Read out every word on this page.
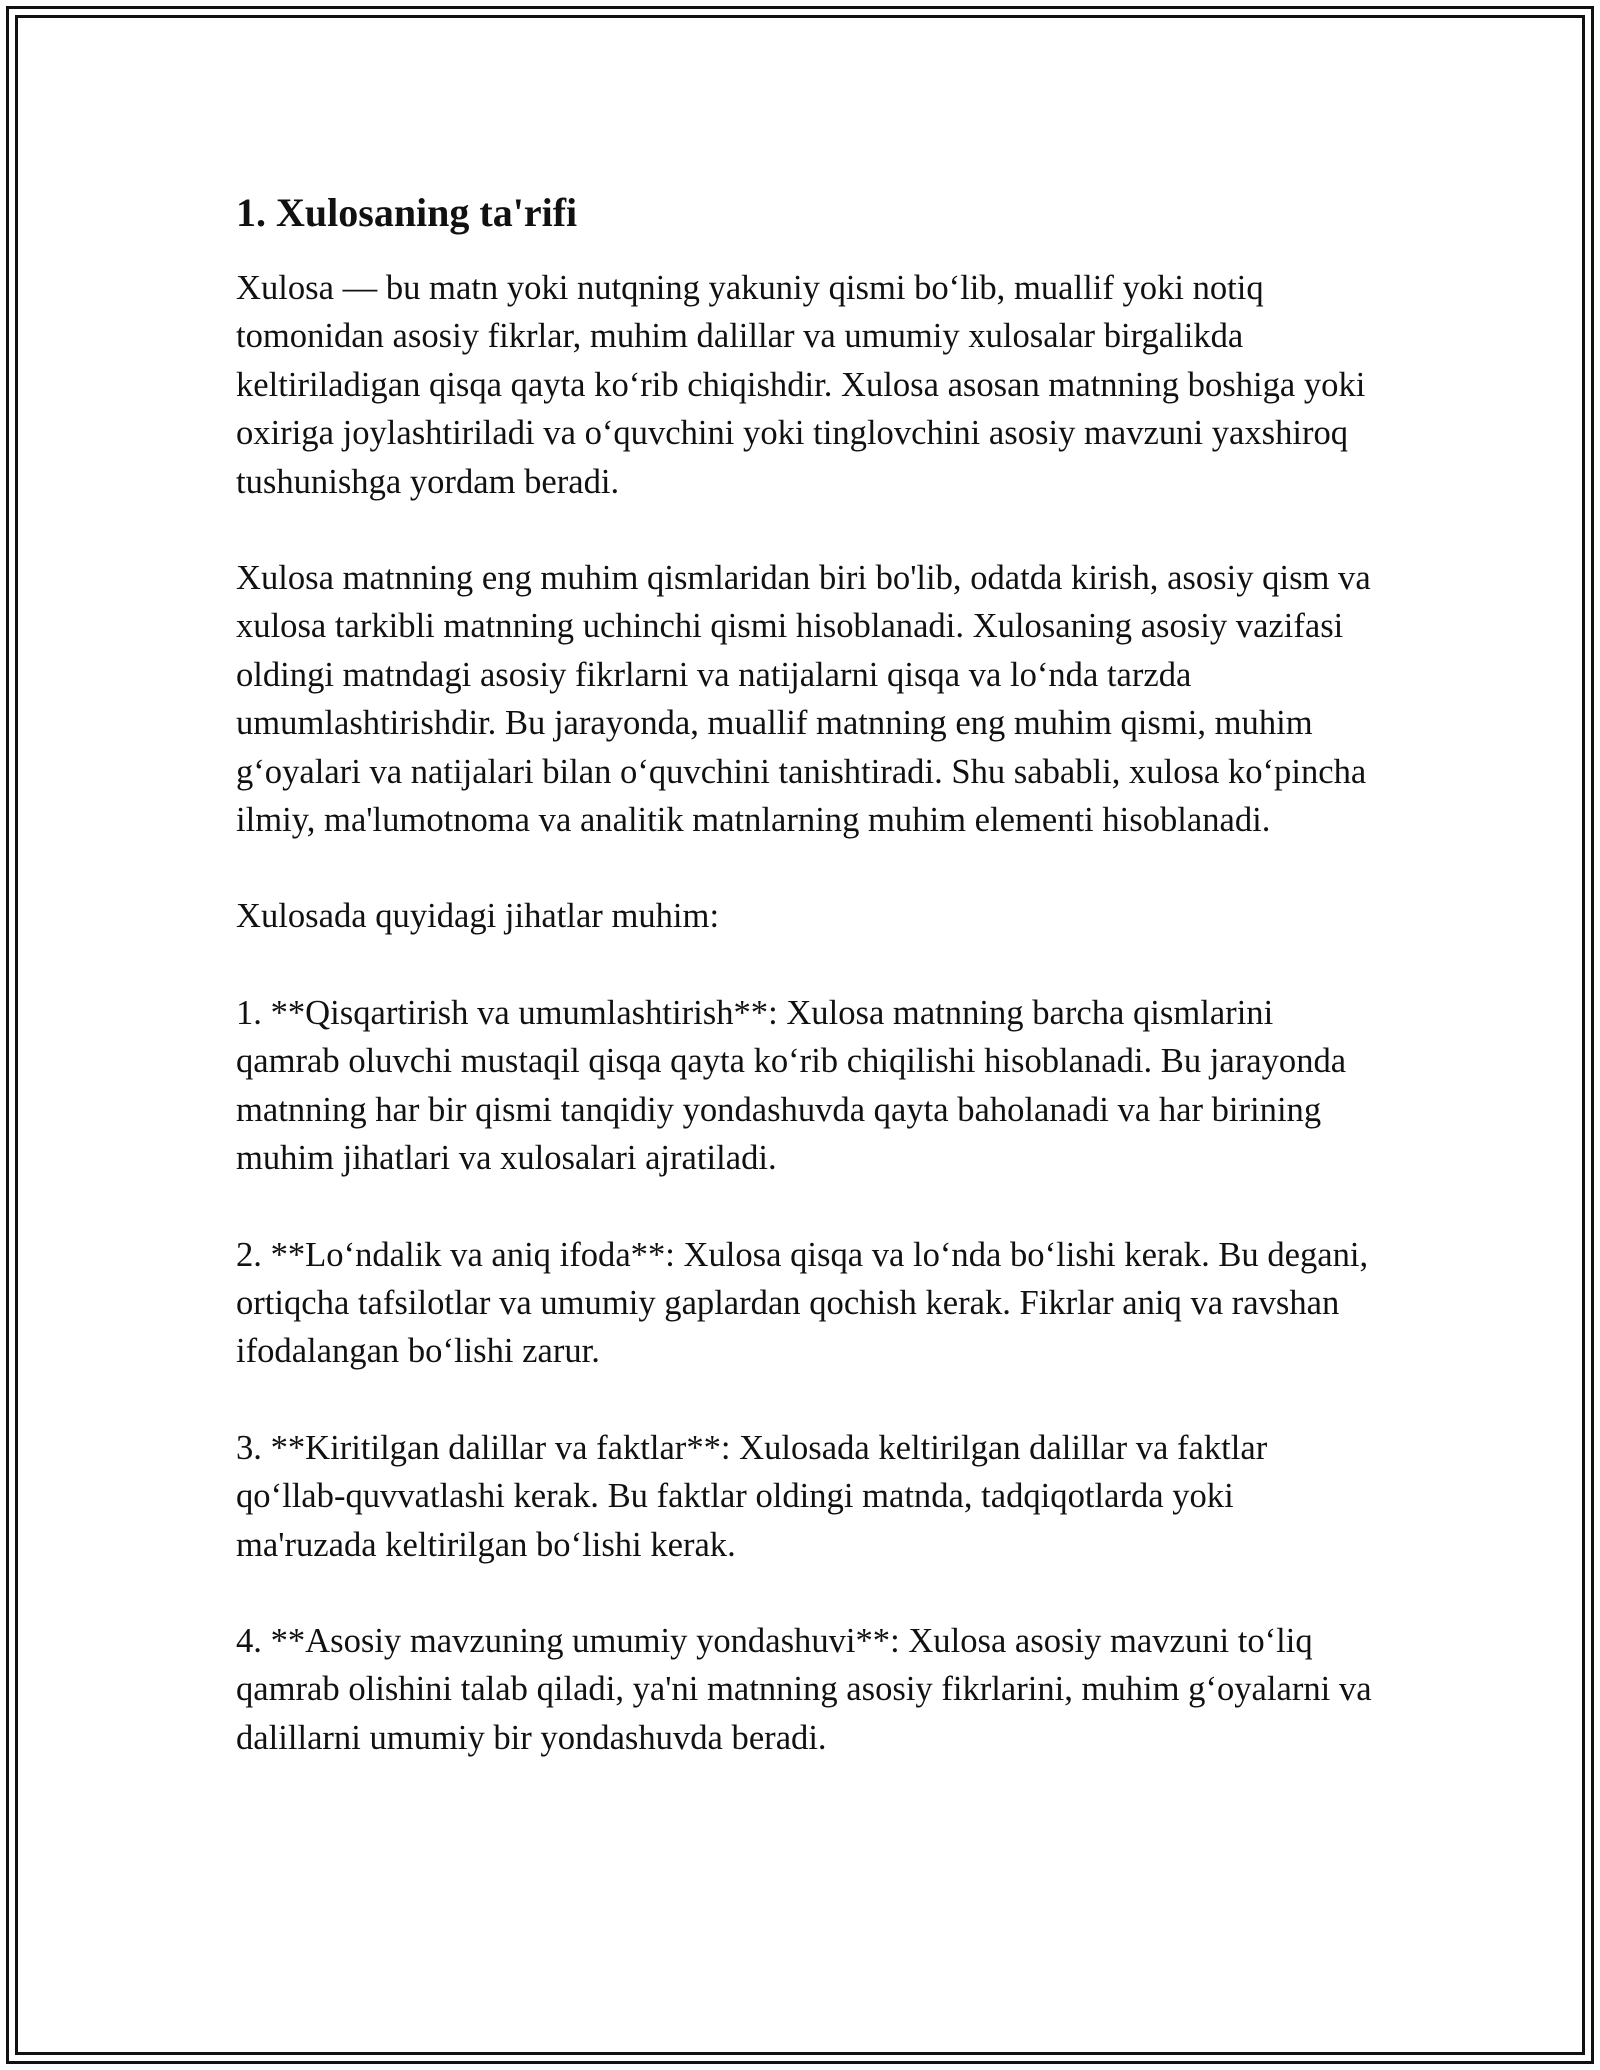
1. Xulosaning ta'rifi

Xulosa — bu matn yoki nutqning yakuniy qismi bo‘lib, muallif yoki notiq tomonidan asosiy fikrlar, muhim dalillar va umumiy xulosalar birgalikda keltiriladigan qisqa qayta ko‘rib chiqishdir. Xulosa asosan matnning boshiga yoki oxiriga joylashtiriladi va o‘quvchini yoki tinglovchini asosiy mavzuni yaxshiroq tushunishga yordam beradi.

Xulosa matnning eng muhim qismlaridan biri bo'lib, odatda kirish, asosiy qism va xulosa tarkibli matnning uchinchi qismi hisoblanadi. Xulosaning asosiy vazifasi oldingi matndagi asosiy fikrlarni va natijalarni qisqa va lo‘nda tarzda umumlashtirishdir. Bu jarayonda, muallif matnning eng muhim qismi, muhim g‘oyalari va natijalari bilan o‘quvchini tanishtiradi. Shu sababli, xulosa ko‘pincha ilmiy, ma'lumotnoma va analitik matnlarning muhim elementi hisoblanadi.

Xulosada quyidagi jihatlar muhim:

1. **Qisqartirish va umumlashtirish**: Xulosa matnning barcha qismlarini qamrab oluvchi mustaqil qisqa qayta ko‘rib chiqilishi hisoblanadi. Bu jarayonda matnning har bir qismi tanqidiy yondashuvda qayta baholanadi va har birining muhim jihatlari va xulosalari ajratiladi.

2. **Lo‘ndalik va aniq ifoda**: Xulosa qisqa va lo‘nda bo‘lishi kerak. Bu degani, ortiqcha tafsilotlar va umumiy gaplardan qochish kerak. Fikrlar aniq va ravshan ifodalangan bo‘lishi zarur.

3. **Kiritilgan dalillar va faktlar**: Xulosada keltirilgan dalillar va faktlar qo‘llab-quvvatlashi kerak. Bu faktlar oldingi matnda, tadqiqotlarda yoki ma'ruzada keltirilgan bo‘lishi kerak.

4. **Asosiy mavzuning umumiy yondashuvi**: Xulosa asosiy mavzuni to‘liq qamrab olishini talab qiladi, ya'ni matnning asosiy fikrlarini, muhim g‘oyalarni va dalillarni umumiy bir yondashuvda beradi.
